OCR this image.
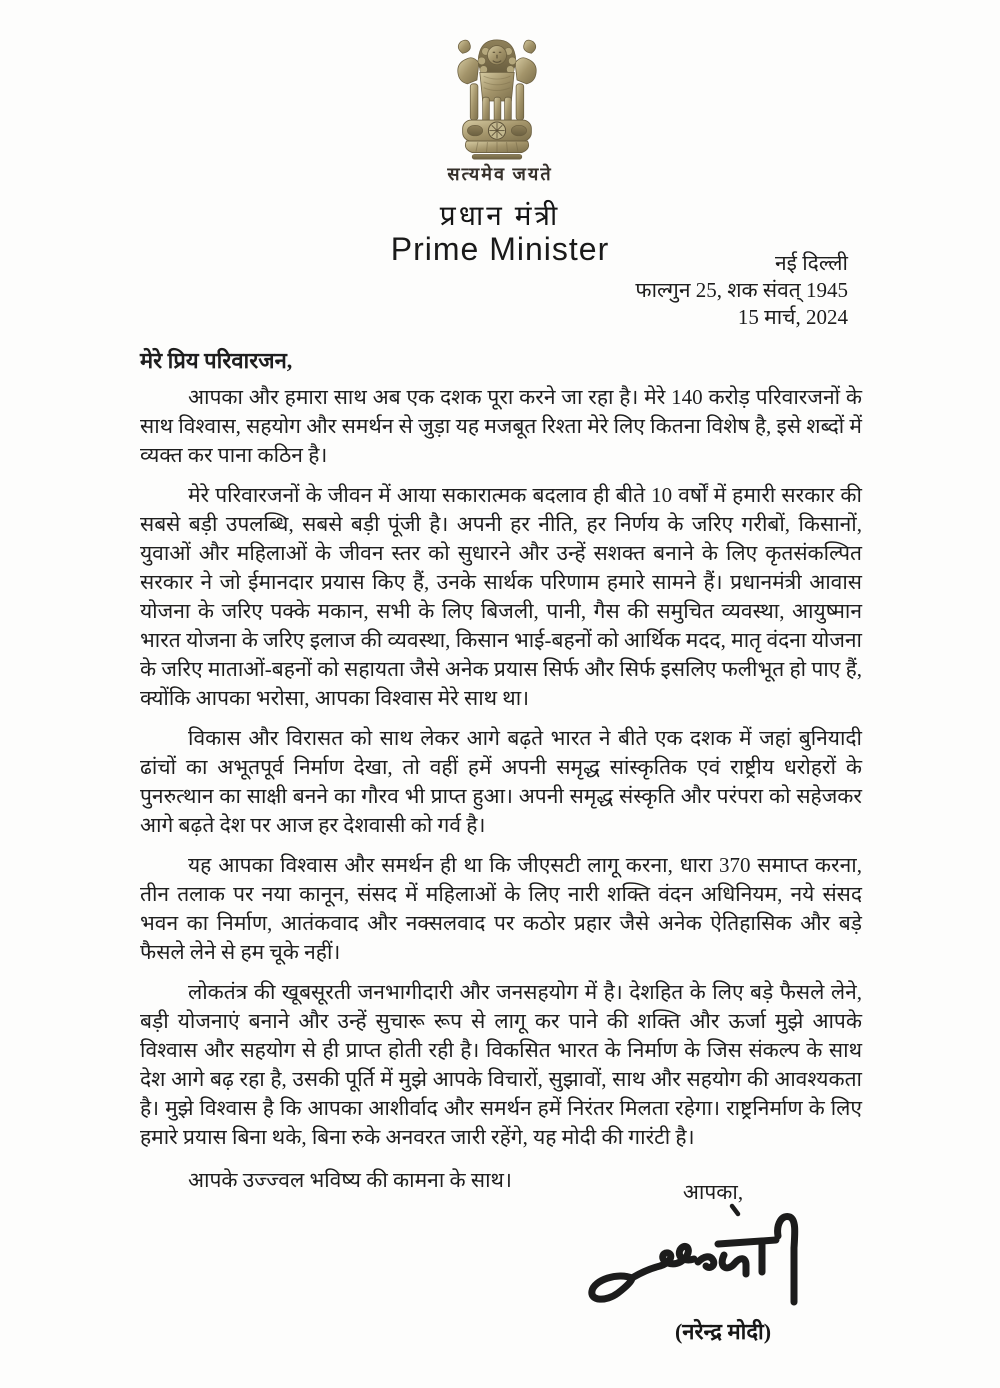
सत्यमेव जयते
प्रधान मंत्री
Prime Minister	नई दिल्ली
फाल्गुन 25, शक संवत् 1945
15 मार्च, 2024

मेरे प्रिय परिवारजन,

आपका और हमारा साथ अब एक दशक पूरा करने जा रहा है। मेरे 140 करोड़ परिवारजनों के साथ विश्वास, सहयोग और समर्थन से जुड़ा यह मजबूत रिश्ता मेरे लिए कितना विशेष है, इसे शब्दों में व्यक्त कर पाना कठिन है।

मेरे परिवारजनों के जीवन में आया सकारात्मक बदलाव ही बीते 10 वर्षों में हमारी सरकार की सबसे बड़ी उपलब्धि, सबसे बड़ी पूंजी है। अपनी हर नीति, हर निर्णय के जरिए गरीबों, किसानों, युवाओं और महिलाओं के जीवन स्तर को सुधारने और उन्हें सशक्त बनाने के लिए कृतसंकल्पित सरकार ने जो ईमानदार प्रयास किए हैं, उनके सार्थक परिणाम हमारे सामने हैं। प्रधानमंत्री आवास योजना के जरिए पक्के मकान, सभी के लिए बिजली, पानी, गैस की समुचित व्यवस्था, आयुष्मान भारत योजना के जरिए इलाज की व्यवस्था, किसान भाई-बहनों को आर्थिक मदद, मातृ वंदना योजना के जरिए माताओं-बहनों को सहायता जैसे अनेक प्रयास सिर्फ और सिर्फ इसलिए फलीभूत हो पाए हैं, क्योंकि आपका भरोसा, आपका विश्वास मेरे साथ था।

विकास और विरासत को साथ लेकर आगे बढ़ते भारत ने बीते एक दशक में जहां बुनियादी ढांचों का अभूतपूर्व निर्माण देखा, तो वहीं हमें अपनी समृद्ध सांस्कृतिक एवं राष्ट्रीय धरोहरों के पुनरुत्थान का साक्षी बनने का गौरव भी प्राप्त हुआ। अपनी समृद्ध संस्कृति और परंपरा को सहेजकर आगे बढ़ते देश पर आज हर देशवासी को गर्व है।

यह आपका विश्वास और समर्थन ही था कि जीएसटी लागू करना, धारा 370 समाप्त करना, तीन तलाक पर नया कानून, संसद में महिलाओं के लिए नारी शक्ति वंदन अधिनियम, नये संसद भवन का निर्माण, आतंकवाद और नक्सलवाद पर कठोर प्रहार जैसे अनेक ऐतिहासिक और बड़े फैसले लेने से हम चूके नहीं।

लोकतंत्र की खूबसूरती जनभागीदारी और जनसहयोग में है। देशहित के लिए बड़े फैसले लेने, बड़ी योजनाएं बनाने और उन्हें सुचारू रूप से लागू कर पाने की शक्ति और ऊर्जा मुझे आपके विश्वास और सहयोग से ही प्राप्त होती रही है। विकसित भारत के निर्माण के जिस संकल्प के साथ देश आगे बढ़ रहा है, उसकी पूर्ति में मुझे आपके विचारों, सुझावों, साथ और सहयोग की आवश्यकता है। मुझे विश्वास है कि आपका आशीर्वाद और समर्थन हमें निरंतर मिलता रहेगा। राष्ट्रनिर्माण के लिए हमारे प्रयास बिना थके, बिना रुके अनवरत जारी रहेंगे, यह मोदी की गारंटी है।

आपके उज्ज्वल भविष्य की कामना के साथ।	आपका,
(नरेन्द्र मोदी)
